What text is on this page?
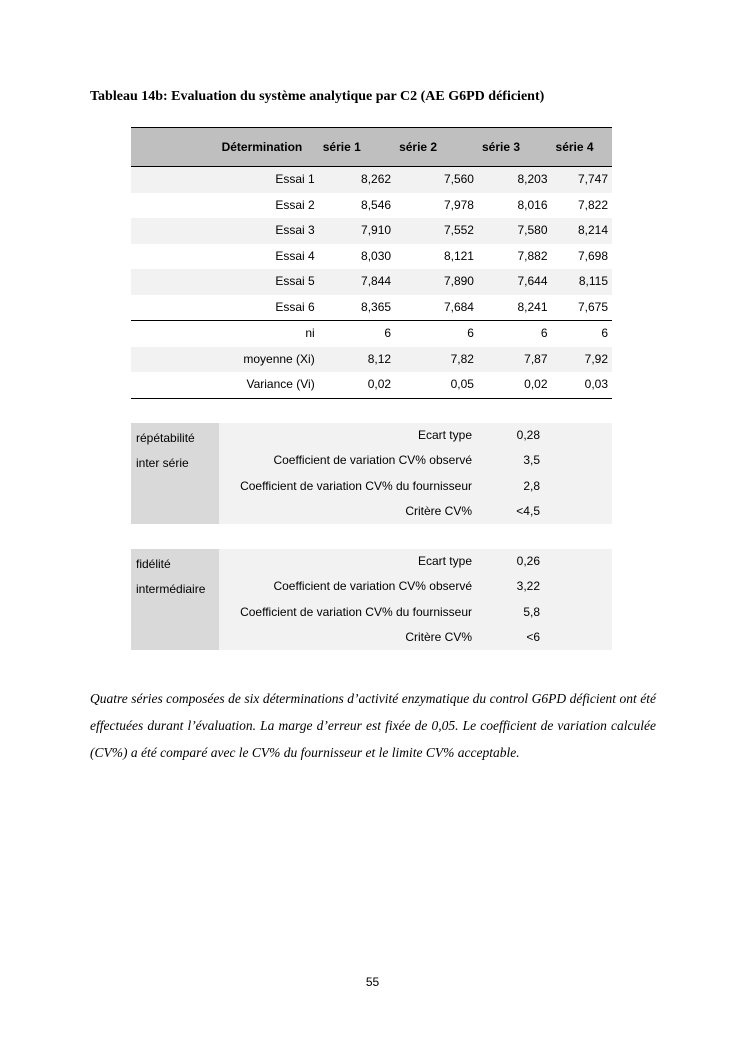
Tableau 14b: Evaluation du système analytique par C2 (AE G6PD déficient)
	Détermination	série 1	série 2	série 3	série 4
	Essai 1	8,262	7,560	8,203	7,747
	Essai 2	8,546	7,978	8,016	7,822
	Essai 3	7,910	7,552	7,580	8,214
	Essai 4	8,030	8,121	7,882	7,698
	Essai 5	7,844	7,890	7,644	8,115
	Essai 6	8,365	7,684	8,241	7,675
	ni	6	6	6	6
	moyenne (Xi)	8,12	7,82	7,87	7,92
	Variance (Vi)	0,02	0,05	0,02	0,03
répétabilité
inter série
Ecart type	0,28
Coefficient de variation CV% observé	3,5
Coefficient de variation CV% du fournisseur	2,8
Critère CV%	<4,5
fidélité
intermédiaire
Ecart type	0,26
Coefficient de variation CV% observé	3,22
Coefficient de variation CV% du fournisseur	5,8
Critère CV%	<6

Quatre séries composées de six déterminations d’activité enzymatique du control G6PD déficient ont été effectuées durant l’évaluation. La marge d’erreur est fixée de 0,05. Le coefficient de variation calculée (CV%) a été comparé avec le CV% du fournisseur et le limite CV% acceptable.

55
